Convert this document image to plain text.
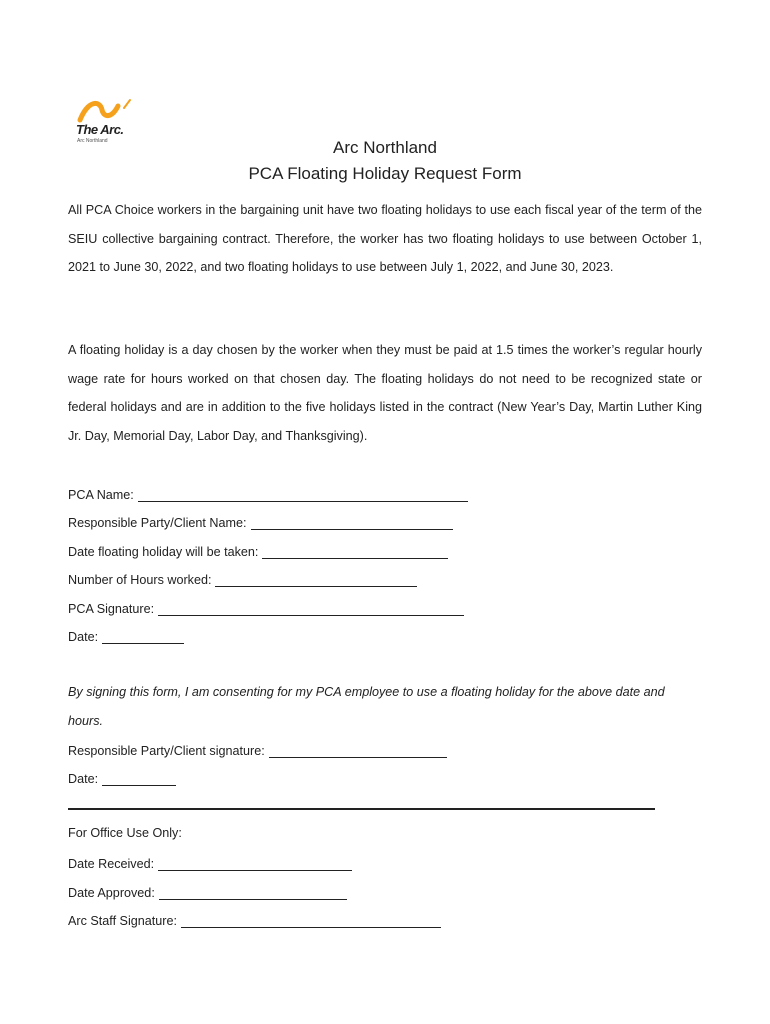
The Arc.
Arc Northland	Arc Northland
PCA Floating Holiday Request Form
All PCA Choice workers in the bargaining unit have two floating holidays to use each fiscal year of the term of the SEIU collective bargaining contract. Therefore, the worker has two floating holidays to use between October 1, 2021 to June 30, 2022, and two floating holidays to use between July 1, 2022, and June 30, 2023.
A floating holiday is a day chosen by the worker when they must be paid at 1.5 times the worker’s regular hourly wage rate for hours worked on that chosen day. The floating holidays do not need to be recognized state or federal holidays and are in addition to the five holidays listed in the contract (New Year’s Day, Martin Luther King Jr. Day, Memorial Day, Labor Day, and Thanksgiving).
PCA Name:
Responsible Party/Client Name:
Date floating holiday will be taken:
Number of Hours worked:
PCA Signature:
Date:
By signing this form, I am consenting for my PCA employee to use a floating holiday for the above date and hours.
Responsible Party/Client signature:
Date:
For Office Use Only:
Date Received:
Date Approved:
Arc Staff Signature:
